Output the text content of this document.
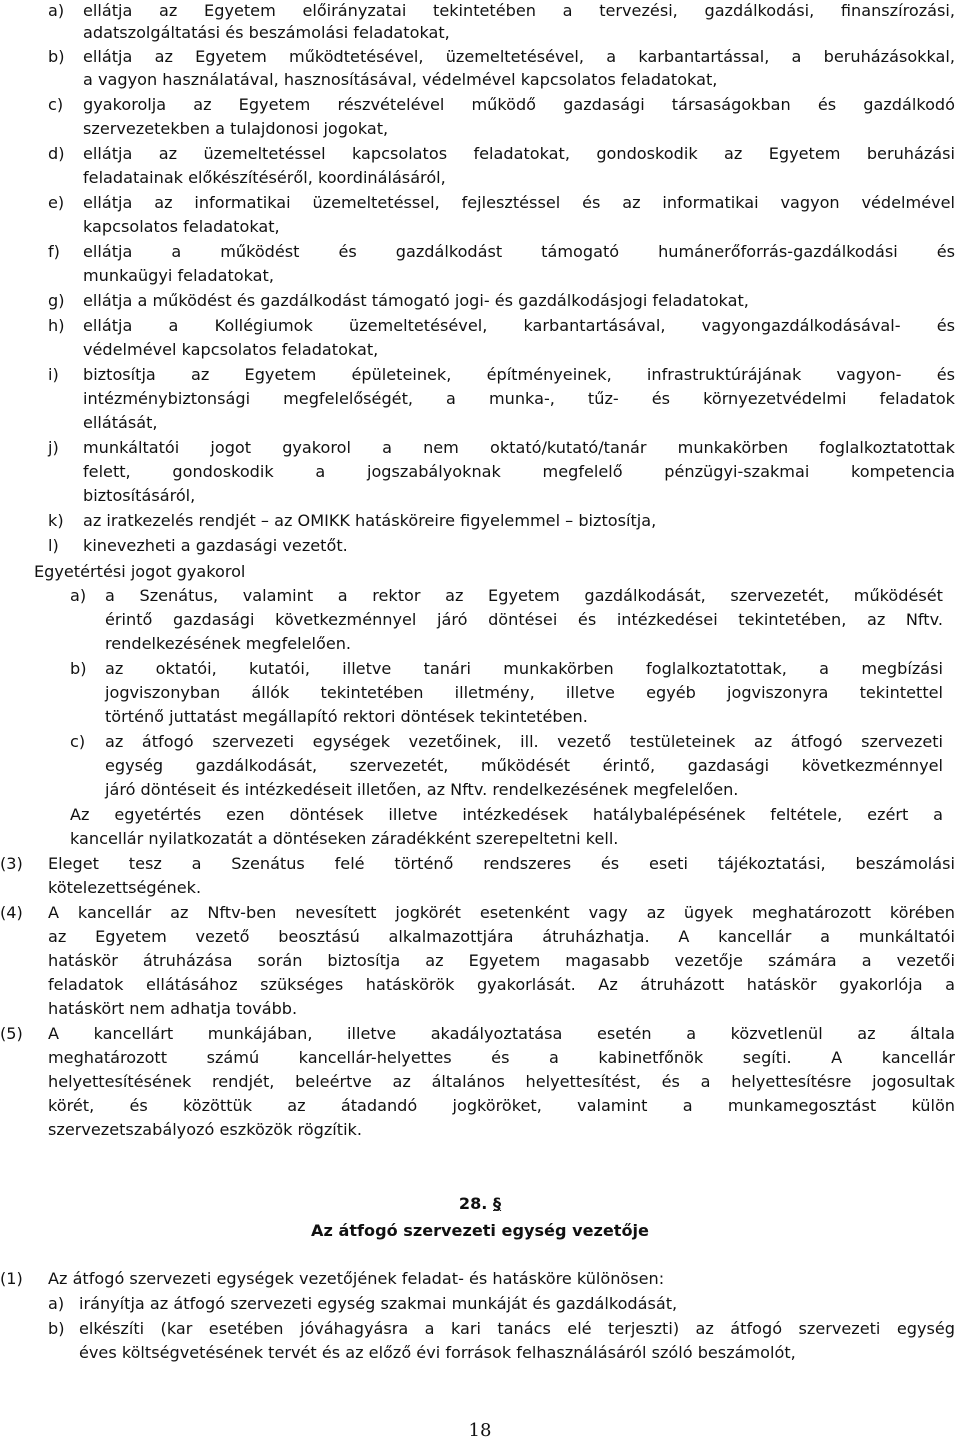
a) ellátja az Egyetem előirányzatai tekintetében a tervezési, gazdálkodási, finanszírozási,
adatszolgáltatási és beszámolási feladatokat,
b) ellátja az Egyetem működtetésével, üzemeltetésével, a karbantartással, a beruházásokkal,
a vagyon használatával, hasznosításával, védelmével kapcsolatos feladatokat,
c) gyakorolja az Egyetem részvételével működő gazdasági társaságokban és gazdálkodó
szervezetekben a tulajdonosi jogokat,
d) ellátja az üzemeltetéssel kapcsolatos feladatokat, gondoskodik az Egyetem beruházási
feladatainak előkészítéséről, koordinálásáról,
e) ellátja az informatikai üzemeltetéssel, fejlesztéssel és az informatikai vagyon védelmével
kapcsolatos feladatokat,
f) ellátja a működést és gazdálkodást támogató humánerőforrás-gazdálkodási és
munkaügyi feladatokat,
g) ellátja a működést és gazdálkodást támogató jogi- és gazdálkodásjogi feladatokat,
h) ellátja a Kollégiumok üzemeltetésével, karbantartásával, vagyongazdálkodásával- és
védelmével kapcsolatos feladatokat,
i) biztosítja az Egyetem épületeinek, építményeinek, infrastruktúrájának vagyon- és
intézménybiztonsági megfelelőségét, a munka-, tűz- és környezetvédelmi feladatok
ellátását,
j) munkáltatói jogot gyakorol a nem oktató/kutató/tanár munkakörben foglalkoztatottak
felett, gondoskodik a jogszabályoknak megfelelő pénzügyi-szakmai kompetencia
biztosításáról,
k) az iratkezelés rendjét – az OMIKK hatásköreire figyelemmel – biztosítja,
l) kinevezheti a gazdasági vezetőt.
Egyetértési jogot gyakorol
a) a Szenátus, valamint a rektor az Egyetem gazdálkodását, szervezetét, működését
érintő gazdasági következménnyel járó döntései és intézkedései tekintetében, az Nftv.
rendelkezésének megfelelően.
b) az oktatói, kutatói, illetve tanári munkakörben foglalkoztatottak, a megbízási
jogviszonyban állók tekintetében illetmény, illetve egyéb jogviszonyra tekintettel
történő juttatást megállapító rektori döntések tekintetében.
c) az átfogó szervezeti egységek vezetőinek, ill. vezető testületeinek az átfogó szervezeti
egység gazdálkodását, szervezetét, működését érintő, gazdasági következménnyel
járó döntéseit és intézkedéseit illetően, az Nftv. rendelkezésének megfelelően.
Az egyetértés ezen döntések illetve intézkedések hatálybalépésének feltétele, ezért a
kancellár nyilatkozatát a döntéseken záradékként szerepeltetni kell.
(3) Eleget tesz a Szenátus felé történő rendszeres és eseti tájékoztatási, beszámolási
kötelezettségének.
(4) A kancellár az Nftv-ben nevesített jogkörét esetenként vagy az ügyek meghatározott körében
az Egyetem vezető beosztású alkalmazottjára átruházhatja. A kancellár a munkáltatói
hatáskör átruházása során biztosítja az Egyetem magasabb vezetője számára a vezetői
feladatok ellátásához szükséges hatáskörök gyakorlását. Az átruházott hatáskör gyakorlója a
hatáskört nem adhatja tovább.
(5) A kancellárt munkájában, illetve akadályoztatása esetén a közvetlenül az általa
meghatározott számú kancellár-helyettes és a kabinetfőnök segíti. A kancellár
helyettesítésének rendjét, beleértve az általános helyettesítést, és a helyettesítésre jogosultak
körét, és közöttük az átadandó jogköröket, valamint a munkamegosztást külön
szervezetszabályozó eszközök rögzítik.
28. §
Az átfogó szervezeti egység vezetője
(1) Az átfogó szervezeti egységek vezetőjének feladat- és hatásköre különösen:
a) irányítja az átfogó szervezeti egység szakmai munkáját és gazdálkodását,
b) elkészíti (kar esetében jóváhagyásra a kari tanács elé terjeszti) az átfogó szervezeti egység
éves költségvetésének tervét és az előző évi források felhasználásáról szóló beszámolót,
18
